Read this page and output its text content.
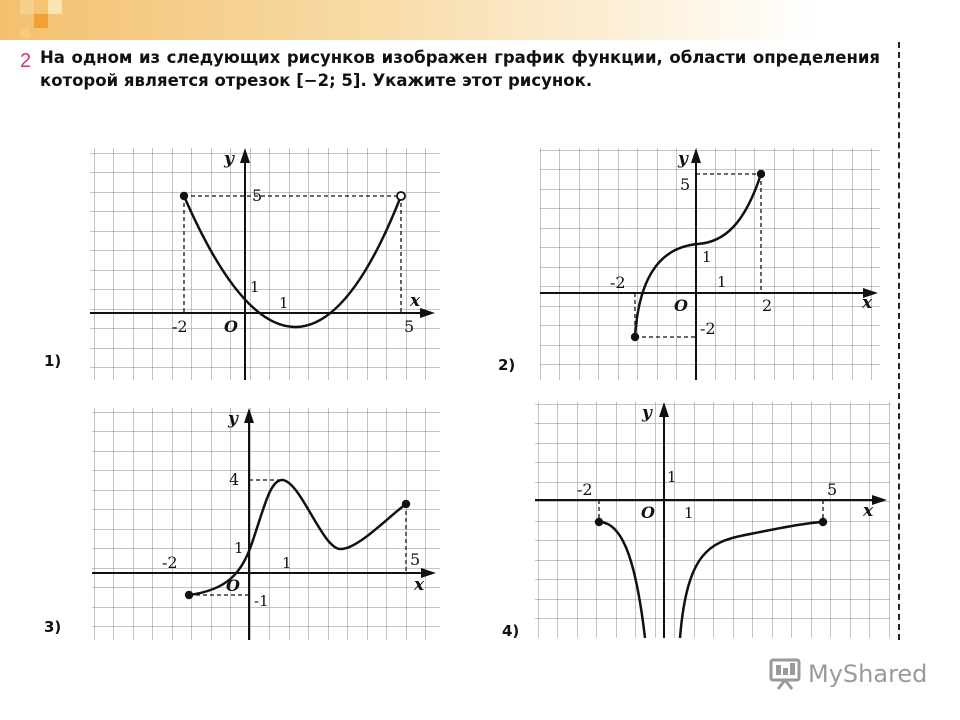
2 На одном из следующих рисунков изображен график функции, области определения которой является отрезок [−2; 5]. Укажите этот рисунок.
y
x
O
5
1
1
-2	5
1)
y
x
O
5
1
1
-2
2
-2
2)
y
x
O
4
1
1
-2	5
-1
3)
y
x
O
1
1
-2	5
4)
MyShared
